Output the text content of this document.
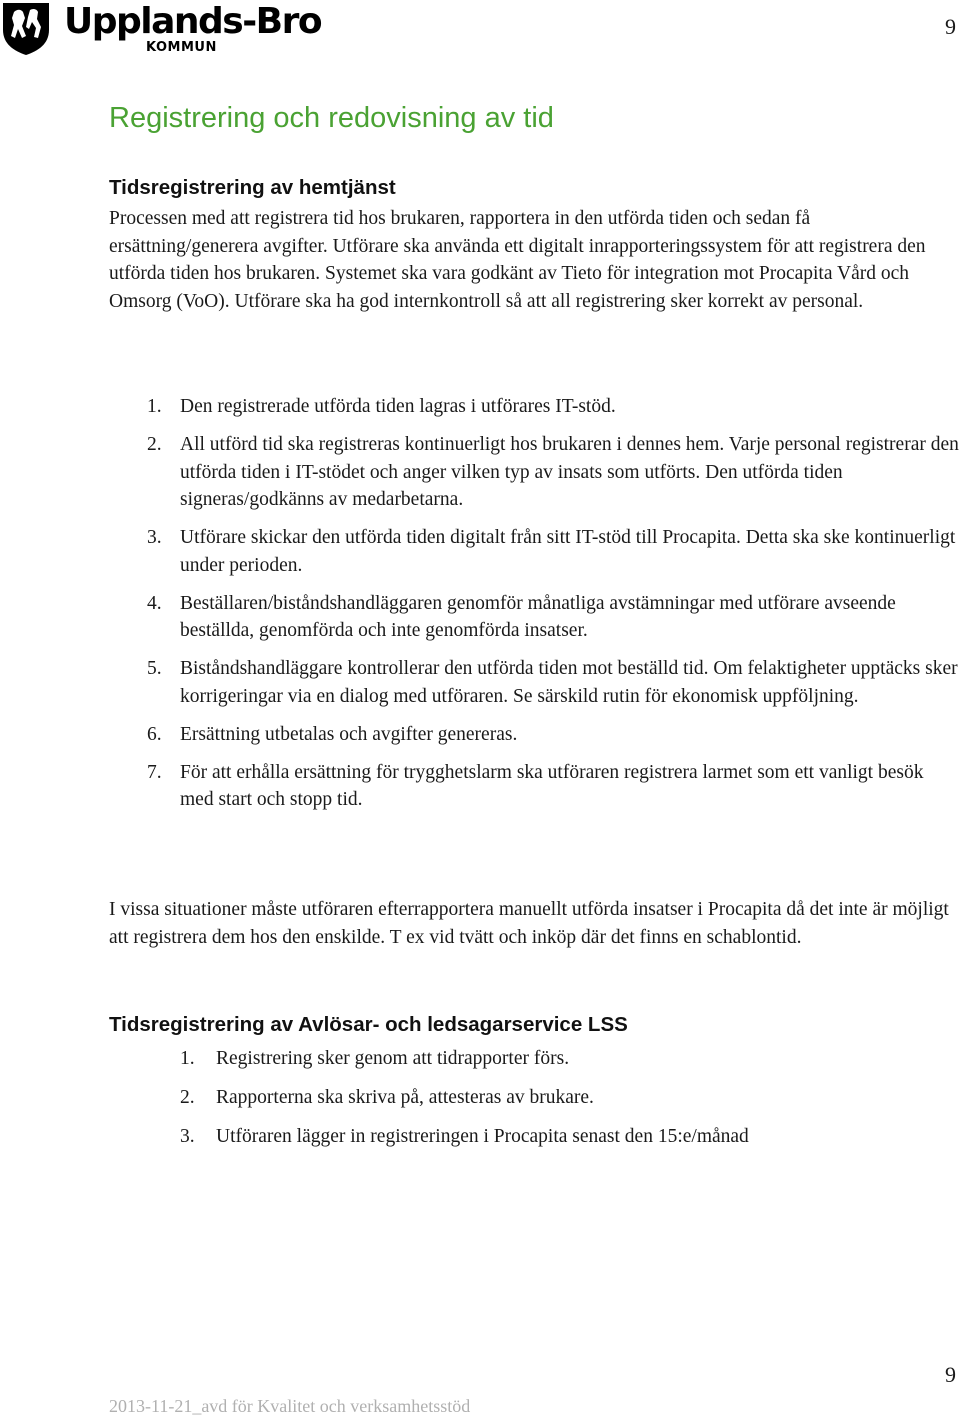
Upplands-Bro
KOMMUN
9
Registrering och redovisning av tid
Tidsregistrering av hemtjänst

Processen med att registrera tid hos brukaren, rapportera in den utförda tiden och sedan få ersättning/generera avgifter. Utförare ska använda ett digitalt inrapporteringssystem för att registrera den utförda tiden hos brukaren. Systemet ska vara godkänt av Tieto för integration mot Procapita Vård och Omsorg (VoO). Utförare ska ha god internkontroll så att all registrering sker korrekt av personal.

1. Den registrerade utförda tiden lagras i utförares IT-stöd.
2. All utförd tid ska registreras kontinuerligt hos brukaren i dennes hem. Varje personal registrerar den utförda tiden i IT-stödet och anger vilken typ av insats som utförts. Den utförda tiden signeras/godkänns av medarbetarna.
3. Utförare skickar den utförda tiden digitalt från sitt IT-stöd till Procapita. Detta ska ske kontinuerligt under perioden.
4. Beställaren/biståndshandläggaren genomför månatliga avstämningar med utförare avseende beställda, genomförda och inte genomförda insatser.
5. Biståndshandläggare kontrollerar den utförda tiden mot beställd tid. Om felaktigheter upptäcks sker korrigeringar via en dialog med utföraren. Se särskild rutin för ekonomisk uppföljning.
6. Ersättning utbetalas och avgifter genereras.
7. För att erhålla ersättning för trygghetslarm ska utföraren registrera larmet som ett vanligt besök med start och stopp tid.

I vissa situationer måste utföraren efterrapportera manuellt utförda insatser i Procapita då det inte är möjligt att registrera dem hos den enskilde. T ex vid tvätt och inköp där det finns en schablontid.

Tidsregistrering av Avlösar- och ledsagarservice LSS
1. Registrering sker genom att tidrapporter förs.
2. Rapporterna ska skriva på, attesteras av brukare.
3. Utföraren lägger in registreringen i Procapita senast den 15:e/månad
9
2013-11-21_avd för Kvalitet och verksamhetsstöd
